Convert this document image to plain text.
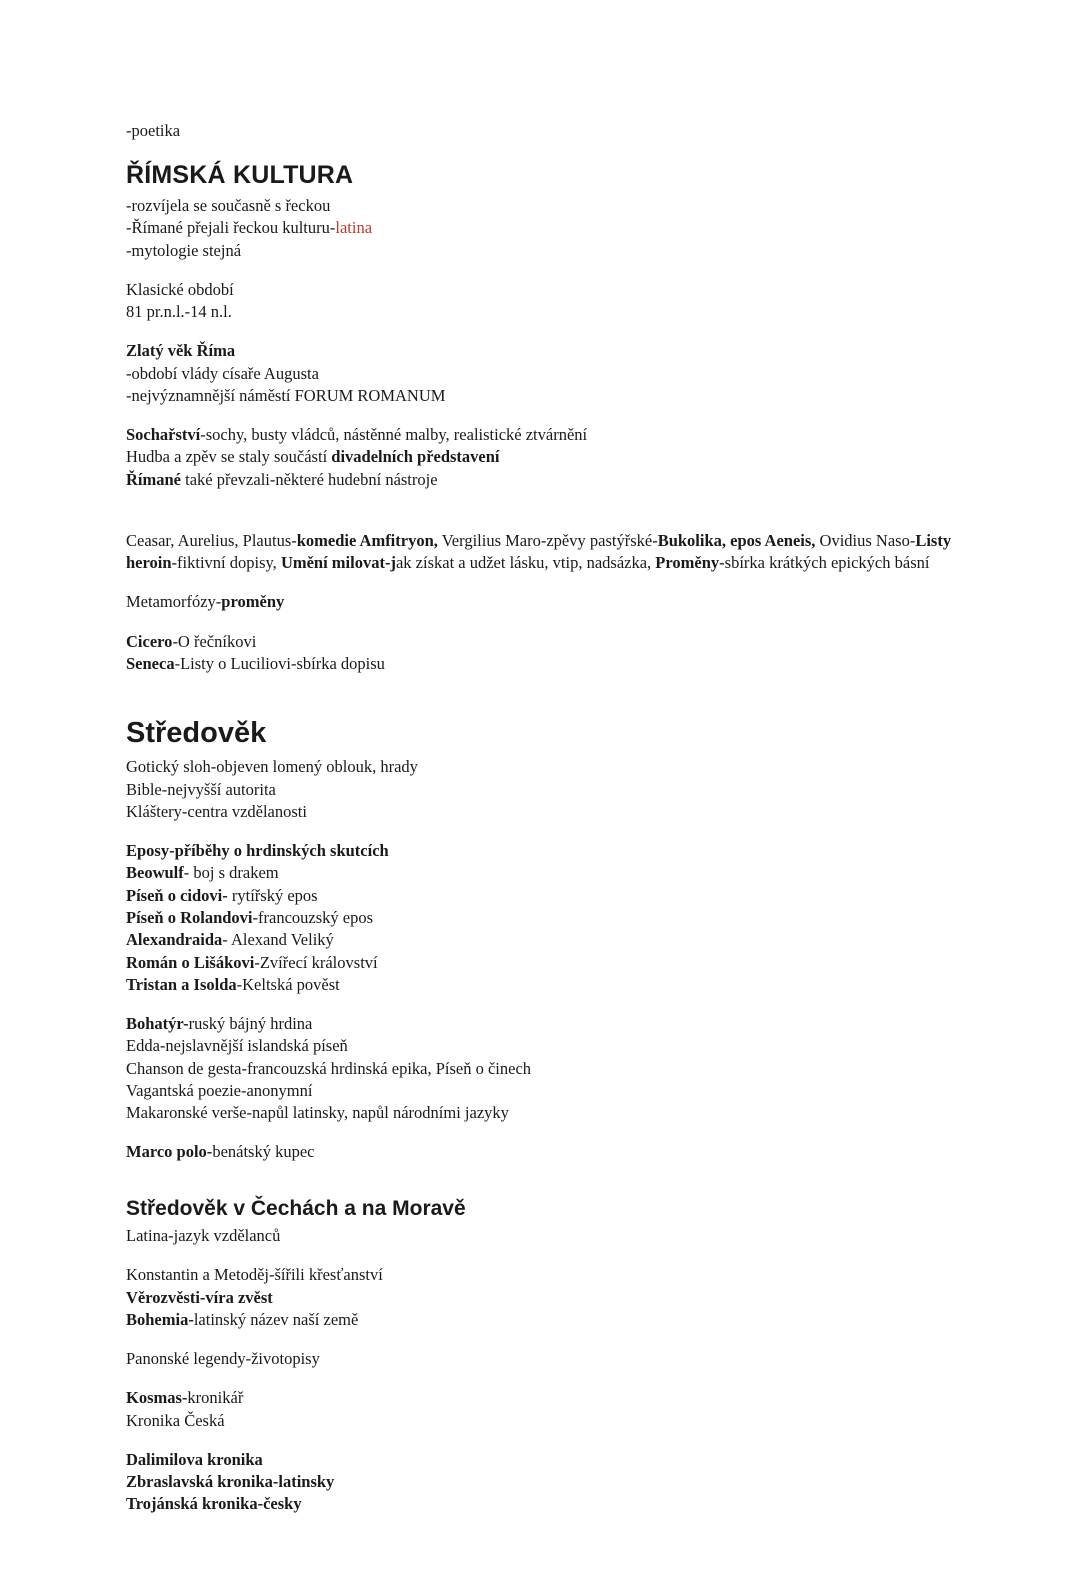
-poetika

ŘÍMSKÁ KULTURA

-rozvíjela se současně s řeckou

-Římané přejali řeckou kulturu-latina

-mytologie stejná

Klasické období

81 pr.n.l.-14 n.l.

Zlatý věk Říma

-období vlády císaře Augusta

-nejvýznamnější náměstí FORUM ROMANUM

Sochařství-sochy, busty vládců, nástěnné malby, realistické ztvárnění

Hudba a zpěv se staly součástí divadelních představení

Římané také převzali-některé hudební nástroje

Ceasar, Aurelius, Plautus-komedie Amfitryon, Vergilius Maro-zpěvy pastýřské-Bukolika, epos Aeneis, Ovidius Naso-Listy heroin-fiktivní dopisy, Umění milovat-jak získat a udžet lásku, vtip, nadsázka, Proměny-sbírka krátkých epických básní

Metamorfózy-proměny

Cicero-O řečníkovi

Seneca-Listy o Luciliovi-sbírka dopisu

Středověk

Gotický sloh-objeven lomený oblouk, hrady

Bible-nejvyšší autorita

Kláštery-centra vzdělanosti

Eposy-příběhy o hrdinských skutcích

Beowulf- boj s drakem

Píseň o cidovi- rytířský epos

Píseň o Rolandovi-francouzský epos

Alexandraida- Alexand Veliký

Román o Lišákovi-Zvířecí království

Tristan a Isolda-Keltská pověst

Bohatýr-ruský bájný hrdina

Edda-nejslavnější islandská píseň

Chanson de gesta-francouzská hrdinská epika, Píseň o činech

Vagantská poezie-anonymní

Makaronské verše-napůl latinsky, napůl národními jazyky

Marco polo-benátský kupec

Středověk v Čechách a na Moravě

Latina-jazyk vzdělanců

Konstantin a Metoděj-šířili křesťanství

Věrozvěsti-víra zvěst

Bohemia-latinský název naší země

Panonské legendy-životopisy

Kosmas-kronikář

Kronika Česká

Dalimilova kronika

Zbraslavská kronika-latinsky

Trojánská kronika-česky
